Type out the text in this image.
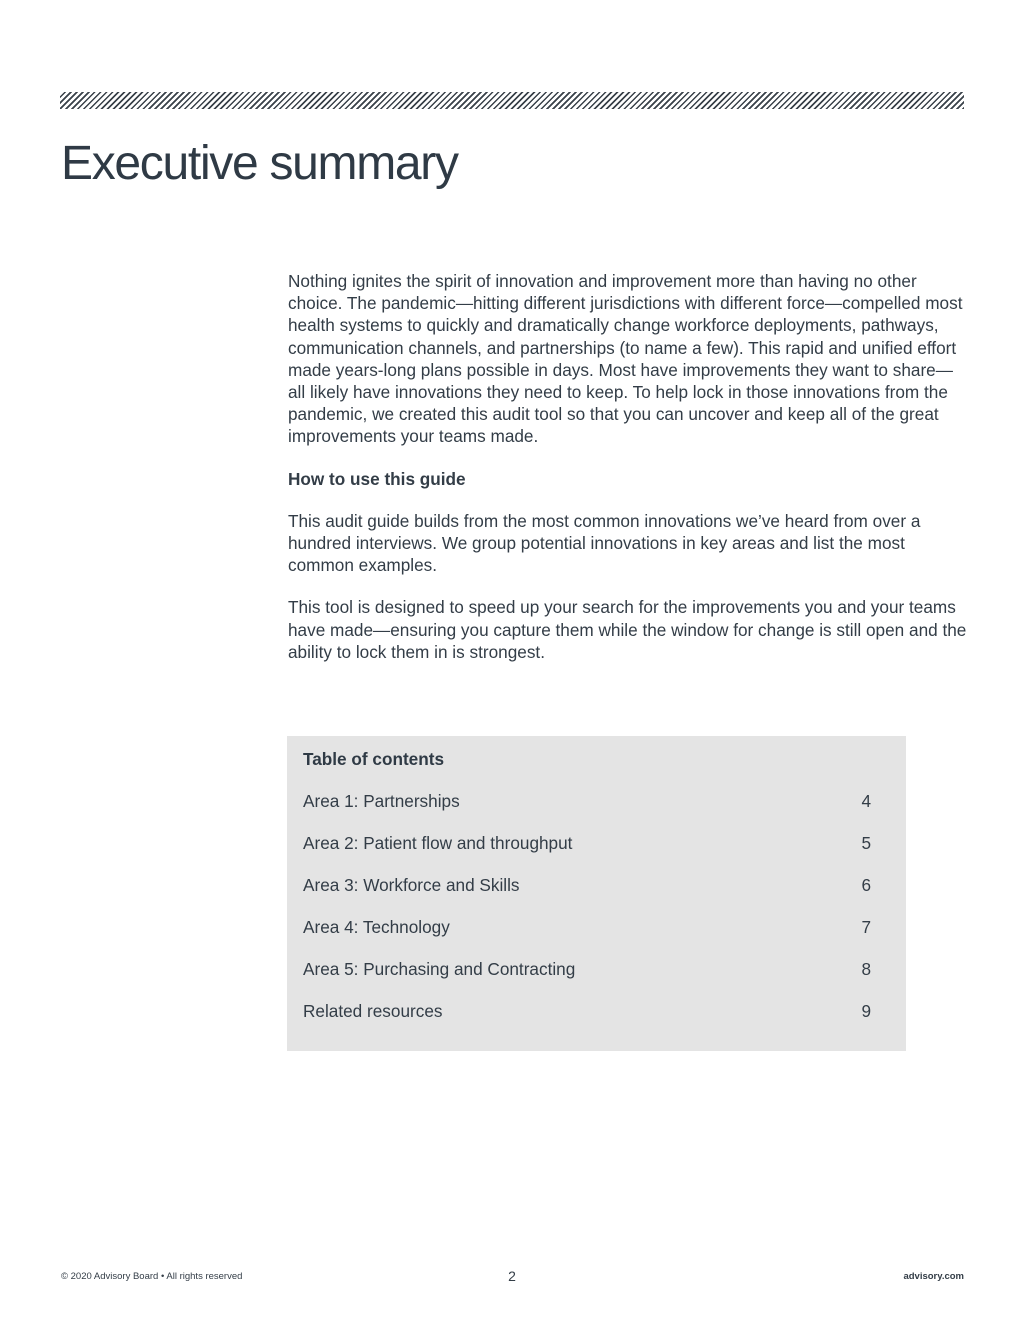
Executive summary

Nothing ignites the spirit of innovation and improvement more than having no other choice. The pandemic—hitting different jurisdictions with different force—compelled most health systems to quickly and dramatically change workforce deployments, pathways, communication channels, and partnerships (to name a few). This rapid and unified effort made years-long plans possible in days. Most have improvements they want to share—all likely have innovations they need to keep. To help lock in those innovations from the pandemic, we created this audit tool so that you can uncover and keep all of the great improvements your teams made.

How to use this guide

This audit guide builds from the most common innovations we’ve heard from over a hundred interviews. We group potential innovations in key areas and list the most common examples.

This tool is designed to speed up your search for the improvements you and your teams have made—ensuring you capture them while the window for change is still open and the ability to lock them in is strongest.

Table of contents
Area 1: Partnerships	4
Area 2: Patient flow and throughput	5
Area 3: Workforce and Skills	6
Area 4: Technology	7
Area 5: Purchasing and Contracting	8
Related resources	9
© 2020 Advisory Board • All rights reserved	2	advisory.com
